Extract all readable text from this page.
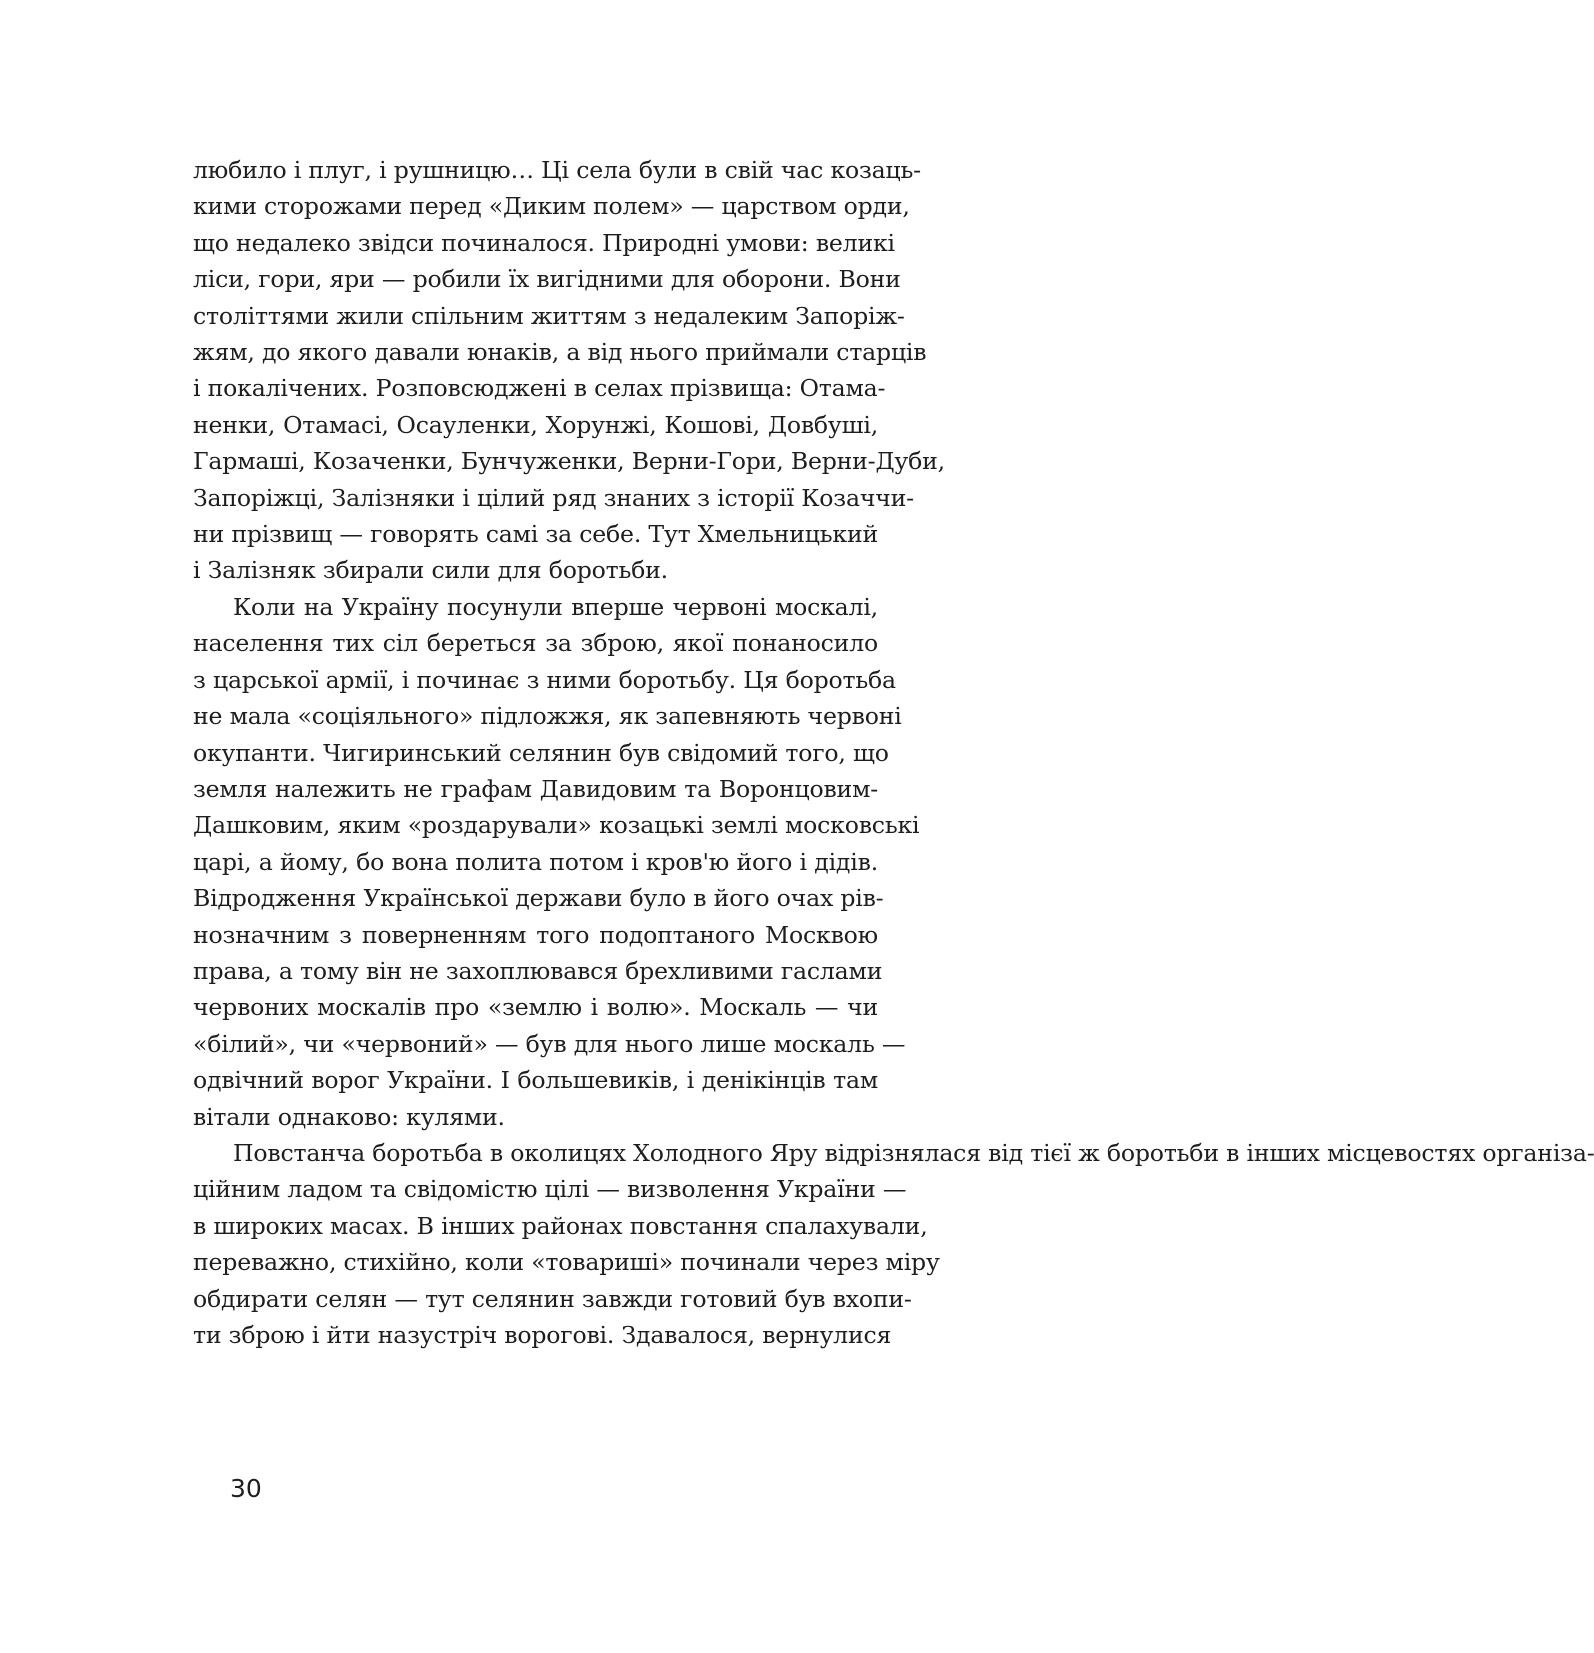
любило і плуг, і рушницю… Ці села були в свій час козаць-
кими сторожами перед «Диким полем» — царством орди,
що недалеко звідси починалося. Природні умови: великі
ліси, гори, яри — робили їх вигідними для оборони. Вони
століттями жили спільним життям з недалеким Запоріж-
жям, до якого давали юнаків, а від нього приймали старців
і покалічених. Розповсюджені в селах прізвища: Отама-
ненки, Отамасі, Осауленки, Хорунжі, Кошові, Довбуші,
Гармаші, Козаченки, Бунчуженки, Верни-Гори, Верни-Дуби,
Запоріжці, Залізняки і цілий ряд знаних з історії Козаччи-
ни прізвищ — говорять самі за себе. Тут Хмельницький
і Залізняк збирали сили для боротьби.
Коли на Україну посунули вперше червоні москалі,
населення тих сіл береться за зброю, якої понаносило
з царської армії, і починає з ними боротьбу. Ця боротьба
не мала «соціяльного» підложжя, як запевняють червоні
окупанти. Чигиринський селянин був свідомий того, що
земля належить не графам Давидовим та Воронцовим-
Дашковим, яким «роздарували» козацькі землі московські
царі, а йому, бо вона полита потом і кров'ю його і дідів.
Відродження Української держави було в його очах рів-
нозначним з поверненням того подоптаного Москвою
права, а тому він не захоплювався брехливими гаслами
червоних москалів про «землю і волю». Москаль — чи
«білий», чи «червоний» — був для нього лише москаль —
одвічний ворог України. І большевиків, і денікінців там
вітали однаково: кулями.
Повстанча боротьба в околицях Холодного Яру відрізнялася від тієї ж боротьби в інших місцевостях організа-
ційним ладом та свідомістю цілі — визволення України —
в широких масах. В інших районах повстання спалахували,
переважно, стихійно, коли «товариші» починали через міру
обдирати селян — тут селянин завжди готовий був вхопи-
ти зброю і йти назустріч ворогові. Здавалося, вернулися
30
